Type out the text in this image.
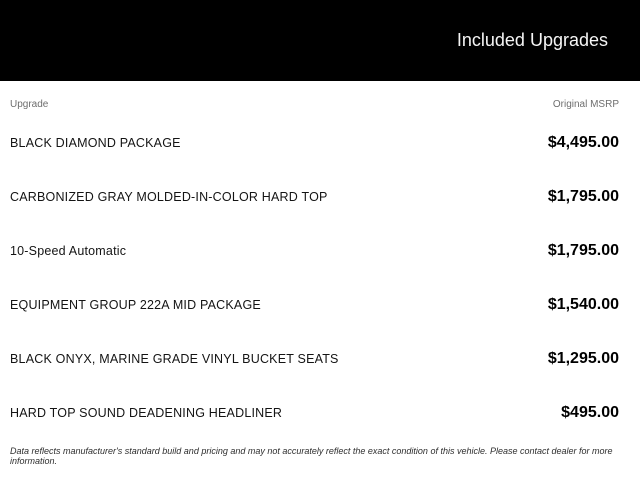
Included Upgrades
Upgrade	Original MSRP
BLACK DIAMOND PACKAGE	$4,495.00
CARBONIZED GRAY MOLDED-IN-COLOR HARD TOP	$1,795.00
10-Speed Automatic	$1,795.00
EQUIPMENT GROUP 222A MID PACKAGE	$1,540.00
BLACK ONYX, MARINE GRADE VINYL BUCKET SEATS	$1,295.00
HARD TOP SOUND DEADENING HEADLINER	$495.00
Data reflects manufacturer's standard build and pricing and may not accurately reflect the exact condition of this vehicle. Please contact dealer for more information.
